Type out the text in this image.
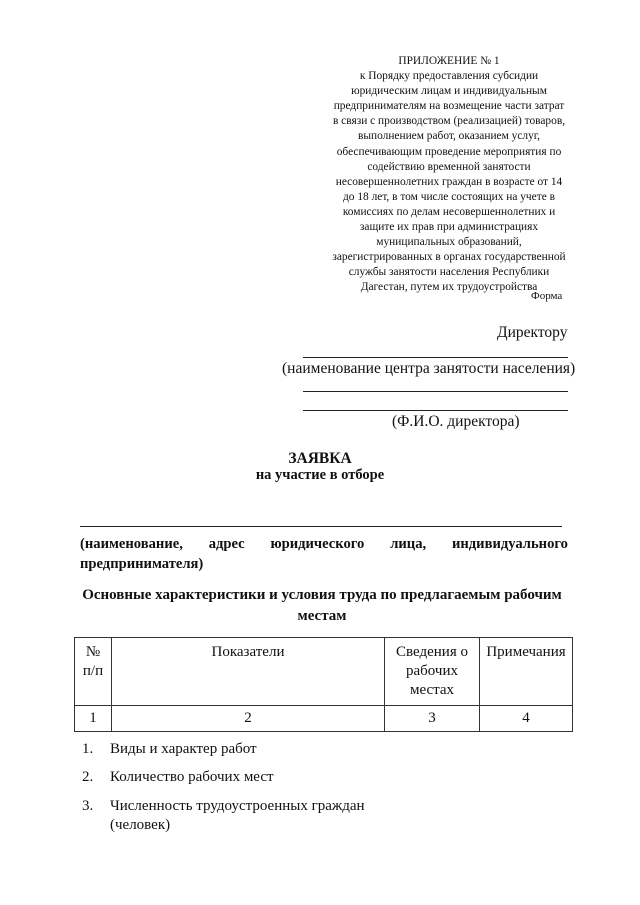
ПРИЛОЖЕНИЕ № 1
к Порядку предоставления субсидии
юридическим лицам и индивидуальным
предпринимателям на возмещение части затрат
в связи с производством (реализацией) товаров,
выполнением работ, оказанием услуг,
обеспечивающим проведение мероприятия по
содействию временной занятости
несовершеннолетних граждан в возрасте от 14
до 18 лет, в том числе состоящих на учете в
комиссиях по делам несовершеннолетних и
защите их прав при администрациях
муниципальных образований,
зарегистрированных в органах государственной
службы занятости населения Республики
Дагестан, путем их трудоустройства
Форма
Директору
(наименование центра занятости населения)
(Ф.И.О. директора)
ЗАЯВКА
на участие в отборе
(наименование, адрес юридического лица, индивидуального
предпринимателя)
Основные характеристики и условия труда по предлагаемым рабочим
местам
№ п/п	Показатели	Сведения о рабочих местах	Примечания
1	2	3	4
1. Виды и характер работ
2. Количество рабочих мест
3. Численность трудоустроенных граждан
(человек)
